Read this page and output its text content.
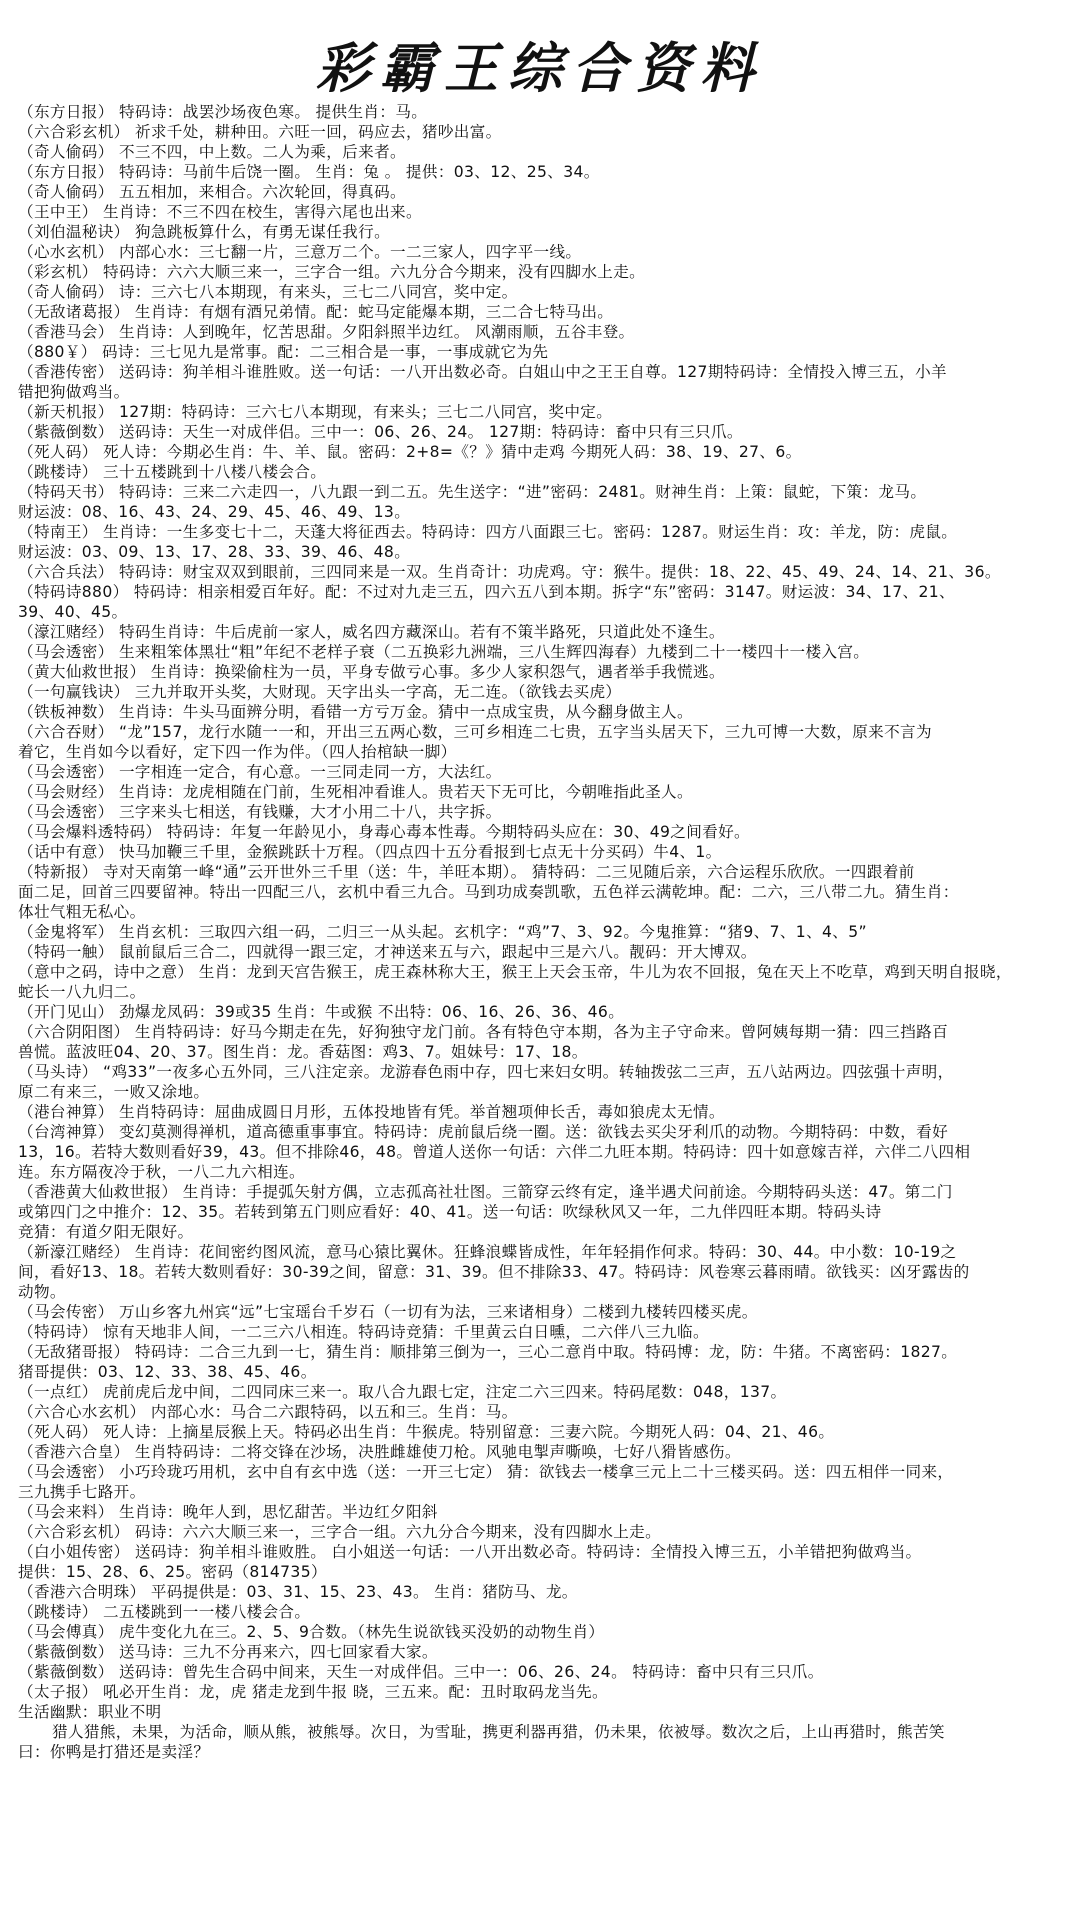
彩霸王综合资料
（东方日报） 特码诗：战罢沙场夜色寒。 提供生肖：马。
（六合彩玄机） 祈求千处，耕种田。六旺一回，码应去，猪吵出富。
（奇人偷码） 不三不四，中上数。二人为乘，后来者。
（东方日报） 特码诗：马前牛后饶一圈。 生肖：兔 。 提供：03、12、25、34。
（奇人偷码） 五五相加，来相合。六次轮回，得真码。
（王中王） 生肖诗：不三不四在校生，害得六尾也出来。
（刘伯温秘诀） 狗急跳板算什么，有勇无谋任我行。
（心水玄机） 内部心水：三七翻一片，三意万二个。一二三家人，四字平一线。
（彩玄机） 特码诗：六六大顺三来一，三字合一组。六九分合今期来，没有四脚水上走。
（奇人偷码） 诗：三六七八本期现，有来头，三七二八同宫，奖中定。
（无敌诸葛报） 生肖诗：有烟有酒兄弟情。配：蛇马定能爆本期，三二合七特马出。
（香港马会） 生肖诗：人到晚年，忆苦思甜。夕阳斜照半边红。 风潮雨顺，五谷丰登。
（880￥） 码诗：三七见九是常事。配：二三相合是一事，一事成就它为先
（香港传密） 送码诗：狗羊相斗谁胜败。送一句话：一八开出数必奇。白姐山中之王王自尊。127期特码诗：全情投入博三五，小羊
错把狗做鸡当。
（新天机报） 127期：特码诗：三六七八本期现，有来头；三七二八同宫，奖中定。
（紫薇倒数） 送码诗：天生一对成伴侣。三中一：06、26、24。 127期：特码诗：畜中只有三只爪。
（死人码） 死人诗：今期必生肖：牛、羊、鼠。密码：2+8=《？》猜中走鸡 今期死人码：38、19、27、6。
（跳楼诗） 三十五楼跳到十八楼八楼会合。
（特码天书） 特码诗：三来二六走四一，八九跟一到二五。先生送字：“进”密码：2481。财神生肖：上策：鼠蛇，下策：龙马。
财运波：08、16、43、24、29、45、46、49、13。
（特南王） 生肖诗：一生多变七十二，天蓬大将征西去。特码诗：四方八面跟三七。密码：1287。财运生肖：攻：羊龙，防：虎鼠。
财运波：03、09、13、17、28、33、39、46、48。
（六合兵法） 特码诗：财宝双双到眼前，三四同来是一双。生肖奇计：功虎鸡。守：猴牛。提供：18、22、45、49、24、14、21、36。
（特码诗880） 特码诗：相亲相爱百年好。配：不过对九走三五，四六五八到本期。拆字“东”密码：3147。财运波：34、17、21、
39、40、45。
（濠江赌经） 特码生肖诗：牛后虎前一家人，威名四方藏深山。若有不策半路死，只道此处不逢生。
（马会透密） 生来粗笨体黑壮“粗”年纪不老样子衰（二五换彩九洲端，三八生辉四海春）九楼到二十一楼四十一楼入宫。
（黄大仙救世报） 生肖诗：换梁偷柱为一员，平身专做亏心事。多少人家积怨气，遇者举手我慌逃。
（一句赢钱诀） 三九并取开头奖，大财现。天字出头一字高，无二连。（欲钱去买虎）
（铁板神数） 生肖诗：牛头马面辨分明，看错一方亏万金。猜中一点成宝贵，从今翻身做主人。
（六合吞财） “龙”157，龙行水随一一和，开出三五两心数，三可乡相连二七贵，五字当头居天下，三九可博一大数，原来不言为
着它，生肖如今以看好，定下四一作为伴。（四人抬棺缺一脚）
（马会透密） 一字相连一定合，有心意。一三同走同一方，大法红。
（马会财经） 生肖诗：龙虎相随在门前，生死相冲看谁人。贵若天下无可比，今朝唯指此圣人。
（马会透密） 三字来头七相送，有钱赚，大才小用二十八，共字拆。
（马会爆料透特码） 特码诗：年复一年龄见小，身毒心毒本性毒。今期特码头应在：30、49之间看好。
（话中有意） 快马加鞭三千里，金猴跳跃十万程。（四点四十五分看报到七点无十分买码）牛4、1。
（特新报） 寺对天南第一峰“通”云开世外三千里（送：牛，羊旺本期）。 猜特码：二三见随后亲，六合运程乐欣欣。一四跟着前
面二足，回首三四要留神。特出一四配三八，玄机中看三九合。马到功成奏凯歌，五色祥云满乾坤。配：二六，三八带二九。猜生肖：
体壮气粗无私心。
（金鬼将军） 生肖玄机：三取四六组一码，二归三一从头起。玄机字：“鸡”7、3、92。今鬼推算：“猪9、7、1、4、5”
（特码一触） 鼠前鼠后三合二，四就得一跟三定，才神送来五与六，跟起中三是六八。靓码：开大博双。
（意中之码，诗中之意） 生肖：龙到天宫告猴王，虎王森林称大王，猴王上天会玉帝，牛儿为农不回报，兔在天上不吃草，鸡到天明自报晓，
蛇长一八九归二。
（开门见山） 劲爆龙凤码：39或35 生肖：牛或猴 不出特：06、16、26、36、46。
（六合阴阳图） 生肖特码诗：好马今期走在先，好狗独守龙门前。各有特色守本期，各为主子守命来。曾阿姨每期一猜：四三挡路百
兽慌。蓝波旺04、20、37。图生肖：龙。香菇图：鸡3、7。姐妹号：17、18。
（马头诗） “鸡33”一夜多心五外同，三八注定亲。龙游春色雨中存，四七来妇女明。转轴拨弦二三声，五八站两边。四弦强十声明，
原二有来三，一败又涂地。
（港台神算） 生肖特码诗：屈曲成圆日月形，五体投地皆有凭。举首翘项伸长舌，毒如狼虎太无情。
（台湾神算） 变幻莫测得禅机，道高德重事事宜。特码诗：虎前鼠后绕一圈。送：欲钱去买尖牙利爪的动物。今期特码：中数，看好
13，16。若特大数则看好39，43。但不排除46，48。曾道人送你一句话：六伴二九旺本期。特码诗：四十如意嫁吉祥，六伴二八四相
连。东方隔夜冷于秋，一八二九六相连。
（香港黄大仙救世报） 生肖诗：手提弧矢射方偶，立志孤高社壮图。三箭穿云终有定，逢半遇犬问前途。今期特码头送：47。第二门
或第四门之中推介：12、35。若转到第五门则应看好：40、41。送一句话：吹绿秋风又一年，二九伴四旺本期。特码头诗
竞猜：有道夕阳无限好。
（新濠江赌经） 生肖诗：花间密约图风流，意马心猿比翼休。狂蜂浪蝶皆成性，年年轻捐作何求。特码：30、44。中小数：10-19之
间，看好13、18。若转大数则看好：30-39之间，留意：31、39。但不排除33、47。特码诗：风卷寒云暮雨晴。欲钱买：凶牙露齿的
动物。
（马会传密） 万山乡客九州宾“远”七宝瑶台千岁石（一切有为法，三来诸相身）二楼到九楼转四楼买虎。
（特码诗） 惊有天地非人间，一二三六八相连。特码诗竞猜：千里黄云白日曛，二六伴八三九临。
（无敌猪哥报） 特码诗：二合三九到一七，猜生肖：顺排第三倒为一，三心二意肖中取。特码博：龙，防：牛猪。不离密码：1827。
猪哥提供：03、12、33、38、45、46。
（一点红） 虎前虎后龙中间，二四同床三来一。取八合九跟七定，注定二六三四来。特码尾数：048，137。
（六合心水玄机） 内部心水：马合二六跟特码，以五和三。生肖：马。
（死人码） 死人诗：上摘星辰猴上天。特码必出生肖：牛猴虎。特别留意：三妻六院。今期死人码：04、21、46。
（香港六合皇） 生肖特码诗：二将交锋在沙场，决胜雌雄使刀枪。风驰电掣声嘶唤，七好八猾皆感伤。
（马会透密） 小巧玲珑巧用机，玄中自有玄中选（送：一开三七定） 猜：欲钱去一楼拿三元上二十三楼买码。送：四五相伴一同来，
三九携手七路开。
（马会来料） 生肖诗：晚年人到，思忆甜苦。半边红夕阳斜
（六合彩玄机） 码诗：六六大顺三来一，三字合一组。六九分合今期来，没有四脚水上走。
（白小姐传密） 送码诗：狗羊相斗谁败胜。 白小姐送一句话：一八开出数必奇。特码诗：全情投入博三五，小羊错把狗做鸡当。
提供：15、28、6、25。密码（814735）
（香港六合明珠） 平码提供是：03、31、15、23、43。 生肖：猪防马、龙。
（跳楼诗） 二五楼跳到一一楼八楼会合。
（马会傅真） 虎牛变化九在三。2、5、9合数。（林先生说欲钱买没奶的动物生肖）
（紫薇倒数） 送马诗：三九不分再来六，四七回家看大家。
（紫薇倒数） 送码诗：曾先生合码中间来，天生一对成伴侣。三中一：06、26、24。 特码诗：畜中只有三只爪。
（太子报） 吼必开生肖：龙，虎 猪走龙到牛报 晓，三五来。配：丑时取码龙当先。
生活幽默：职业不明
猎人猎熊，未果，为活命，顺从熊，被熊辱。次日，为雪耻，携更利器再猎，仍未果，依被辱。数次之后，上山再猎时，熊苦笑
曰：你鸭是打猎还是卖淫？
